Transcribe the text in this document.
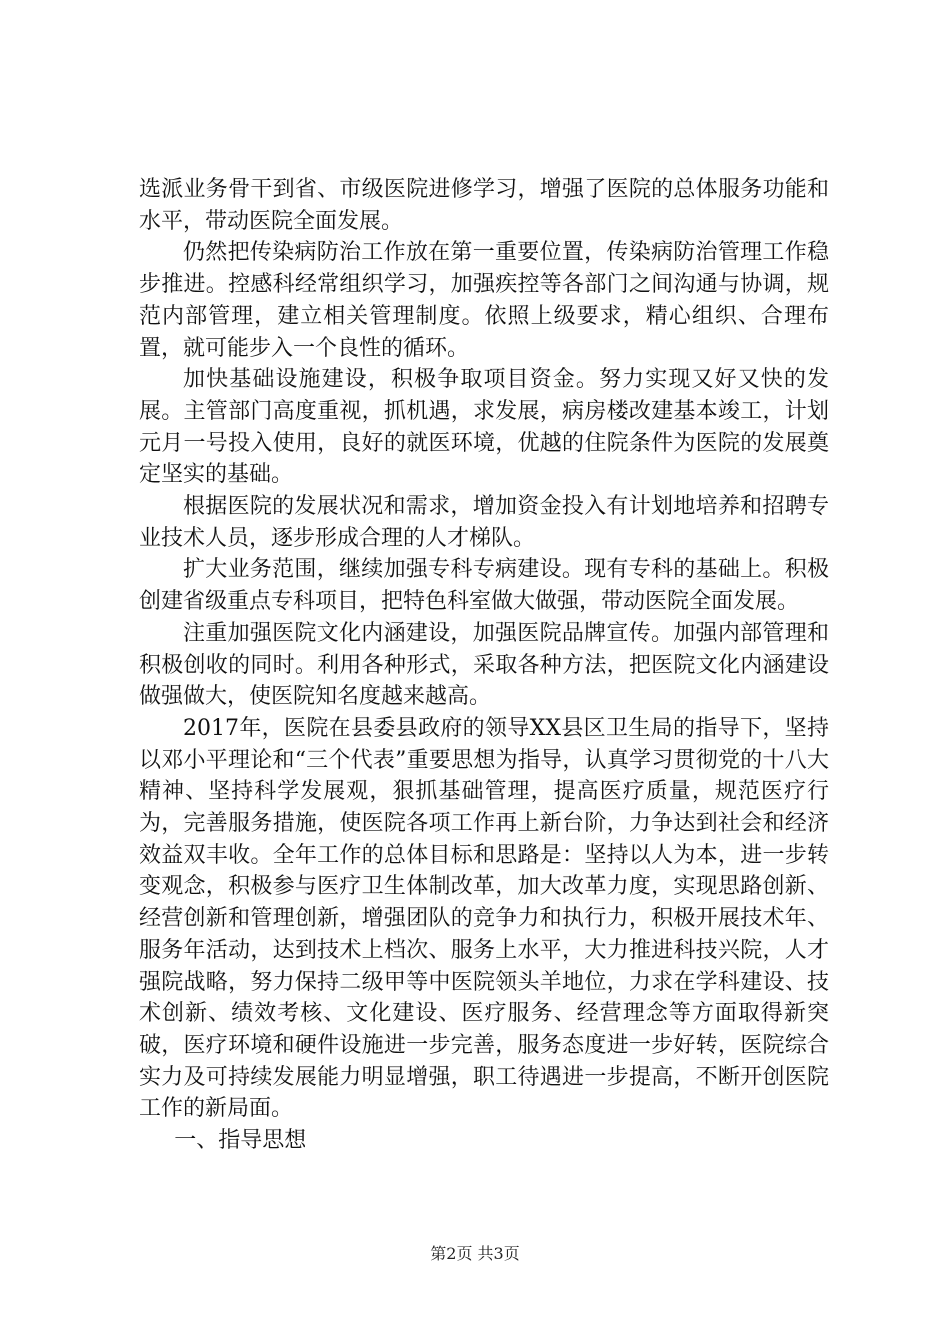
选派业务骨干到省、市级医院进修学习，增强了医院的总体服务功能和水平，带动医院全面发展。

仍然把传染病防治工作放在第一重要位置，传染病防治管理工作稳步推进。控感科经常组织学习，加强疾控等各部门之间沟通与协调，规范内部管理，建立相关管理制度。依照上级要求，精心组织、合理布置，就可能步入一个良性的循环。

加快基础设施建设，积极争取项目资金。努力实现又好又快的发展。主管部门高度重视，抓机遇，求发展，病房楼改建基本竣工，计划元月一号投入使用，良好的就医环境，优越的住院条件为医院的发展奠定坚实的基础。

根据医院的发展状况和需求，增加资金投入有计划地培养和招聘专业技术人员，逐步形成合理的人才梯队。

扩大业务范围，继续加强专科专病建设。现有专科的基础上。积极创建省级重点专科项目，把特色科室做大做强，带动医院全面发展。

注重加强医院文化内涵建设，加强医院品牌宣传。加强内部管理和积极创收的同时。利用各种形式，采取各种方法，把医院文化内涵建设做强做大，使医院知名度越来越高。

2017年，医院在县委县政府的领导XX县区卫生局的指导下，坚持以邓小平理论和“三个代表”重要思想为指导，认真学习贯彻党的十八大精神、坚持科学发展观，狠抓基础管理，提高医疗质量，规范医疗行为，完善服务措施，使医院各项工作再上新台阶，力争达到社会和经济效益双丰收。全年工作的总体目标和思路是：坚持以人为本，进一步转变观念，积极参与医疗卫生体制改革，加大改革力度，实现思路创新、经营创新和管理创新，增强团队的竞争力和执行力，积极开展技术年、服务年活动，达到技术上档次、服务上水平，大力推进科技兴院，人才强院战略，努力保持二级甲等中医院领头羊地位，力求在学科建设、技术创新、绩效考核、文化建设、医疗服务、经营理念等方面取得新突破，医疗环境和硬件设施进一步完善，服务态度进一步好转，医院综合实力及可持续发展能力明显增强，职工待遇进一步提高，不断开创医院工作的新局面。

一、指导思想

第2页 共3页
